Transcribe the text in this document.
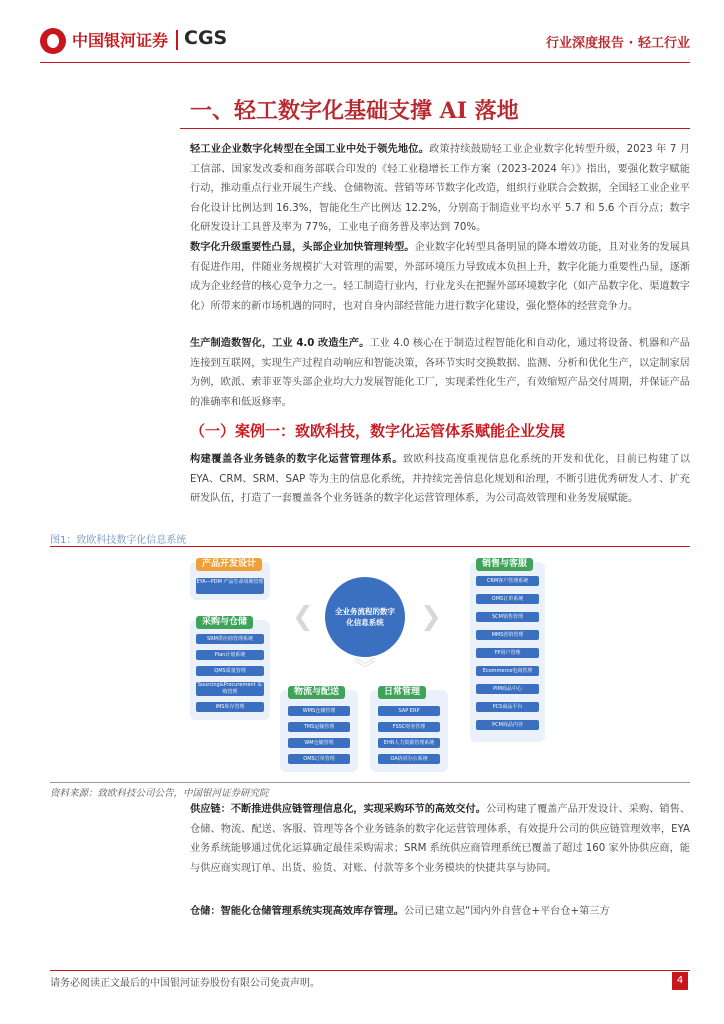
中国银河证券 CGS	行业深度报告 · 轻工行业
一、轻工数字化基础支撑 AI 落地
轻工业企业数字化转型在全国工业中处于领先地位。政策持续鼓励轻工业企业数字化转型升级，2023 年 7 月工信部、国家发改委和商务部联合印发的《轻工业稳增长工作方案（2023-2024 年）》指出，要强化数字赋能行动，推动重点行业开展生产线、仓储物流、营销等环节数字化改造，组织行业联合会数据，全国轻工业企业平台化设计比例达到 16.3%，智能化生产比例达 12.2%，分别高于制造业平均水平 5.7 和 5.6 个百分点；数字化研发设计工具普及率为 77%，工业电子商务普及率达到 70%。
数字化升级重要性凸显，头部企业加快管理转型。企业数字化转型具备明显的降本增效功能，且对业务的发展具有促进作用，伴随业务规模扩大对管理的需要，外部环境压力导致成本负担上升，数字化能力重要性凸显，逐渐成为企业经营的核心竞争力之一。轻工制造行业内，行业龙头在把握外部环境数字化（如产品数字化、渠道数字化）所带来的新市场机遇的同时，也对自身内部经营能力进行数字化建设，强化整体的经营竞争力。
生产制造数智化，工业 4.0 改造生产。工业 4.0 核心在于制造过程智能化和自动化，通过将设备、机器和产品连接到互联网，实现生产过程自动响应和智能决策，各环节实时交换数据、监测、分析和优化生产，以定制家居为例，欧派、索菲亚等头部企业均大力发展智能化工厂，实现柔性化生产，有效缩短产品交付周期，并保证产品的准确率和低返修率。
（一）案例一：致欧科技，数字化运管体系赋能企业发展
构建覆盖各业务链条的数字化运营管理体系。致欧科技高度重视信息化系统的开发和优化，目前已构建了以 EYA、CRM、SRM、SAP 等为主的信息化系统，并持续完善信息化规划和治理，不断引进优秀研发人才、扩充研发队伍，打造了一套覆盖各个业务链条的数字化运营管理体系，为公司高效管理和业务发展赋能。
图1：致欧科技数字化信息系统
产品开发设计
EYA—PDM 产品生命周期管理
采购与仓储
SRM供应商管理系统
Plan计划系统
QMS质量管理
Sourcing&Procurement 采购管理
IMS库存管理
全业务流程的数字化信息系统
❮	❯
︾
物流与配送
WMS仓储管理
TMS运输管理
WM仓储管理
OMS订单管理
日常管理
SAP ERP
FSSC财务管理
EHR人力资源管理系统
OA协同办公系统
销售与客服
CRM客户管理系统
OMS订单系统
SCM销售管理
MMS营销管理
FP用户管理
Ecommerce电商管理
PIM商品中心
PCS商品平台
PCM商品内容
资料来源：致欧科技公司公告，中国银河证券研究院
供应链：不断推进供应链管理信息化，实现采购环节的高效交付。公司构建了覆盖产品开发设计、采购、销售、仓储、物流、配送、客服、管理等各个业务链条的数字化运营管理体系，有效提升公司的供应链管理效率，EYA 业务系统能够通过优化运算确定最佳采购需求；SRM 系统供应商管理系统已覆盖了超过 160 家外协供应商，能与供应商实现订单、出货、验货、对账、付款等多个业务模块的快捷共享与协同。
仓储：智能化仓储管理系统实现高效库存管理。公司已建立起“国内外自营仓+平台仓+第三方
请务必阅读正文最后的中国银河证券股份有限公司免责声明。	4
